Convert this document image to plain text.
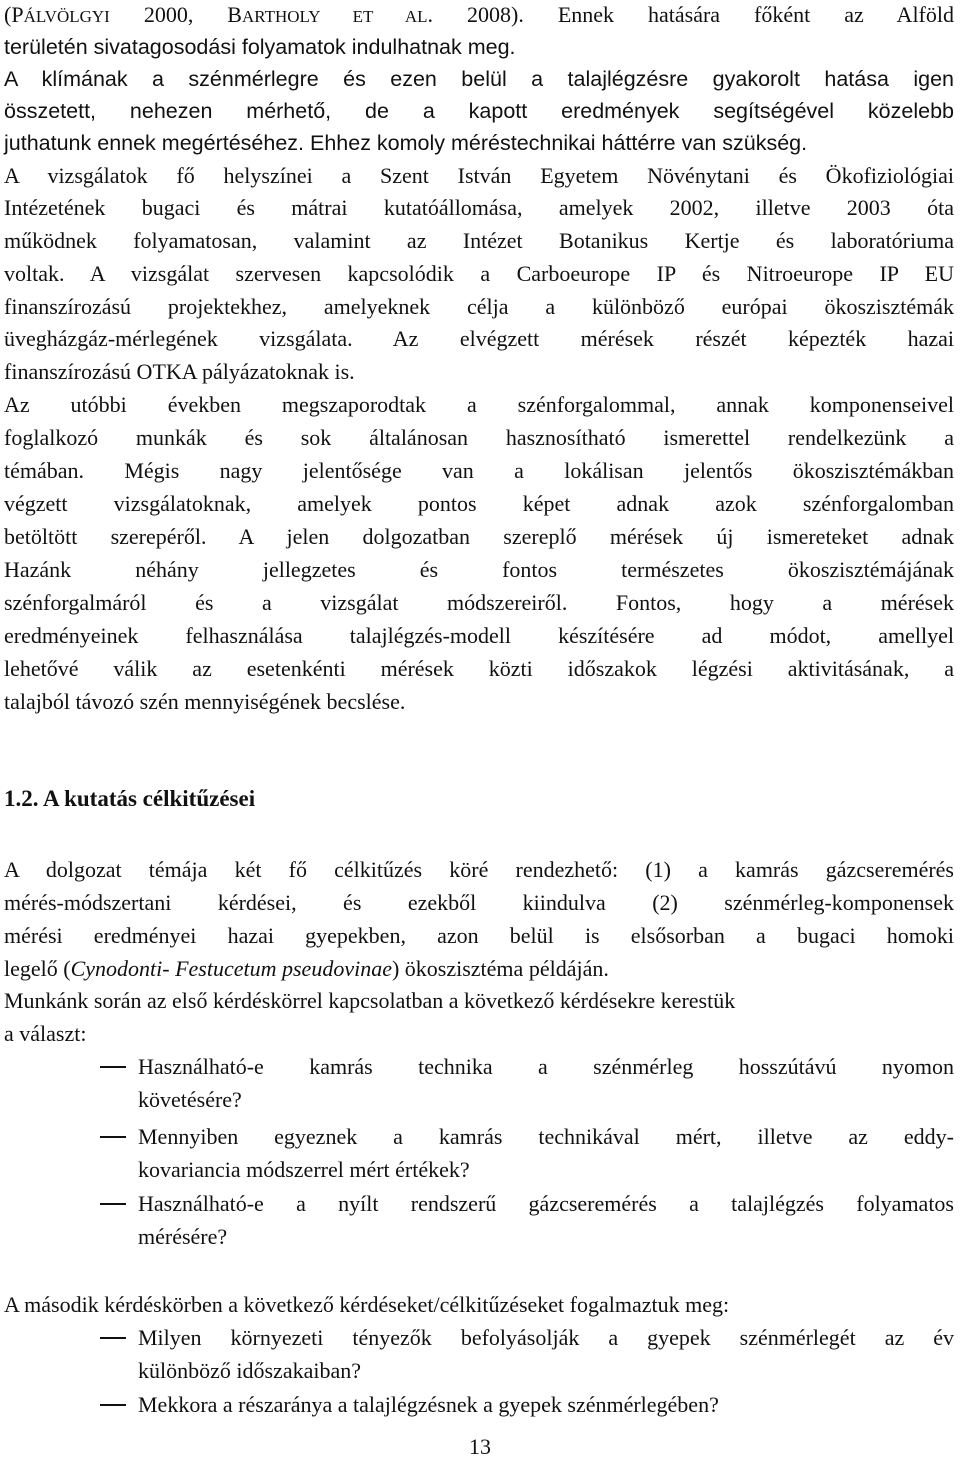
(PÁLVÖLGYI 2000, BARTHOLY ET AL. 2008). Ennek hatására főként az Alföld
területén sivatagosodási folyamatok indulhatnak meg.
A klímának a szénmérlegre és ezen belül a talajlégzésre gyakorolt hatása igen
összetett, nehezen mérhető, de a kapott eredmények segítségével közelebb
juthatunk ennek megértéséhez. Ehhez komoly méréstechnikai háttérre van szükség.
A vizsgálatok fő helyszínei a Szent István Egyetem Növénytani és Ökofiziológiai
Intézetének bugaci és mátrai kutatóállomása, amelyek 2002, illetve 2003 óta
működnek folyamatosan, valamint az Intézet Botanikus Kertje és laboratóriuma
voltak. A vizsgálat szervesen kapcsolódik a Carboeurope IP és Nitroeurope IP EU
finanszírozású projektekhez, amelyeknek célja a különböző európai ökoszisztémák
üvegházgáz-mérlegének vizsgálata. Az elvégzett mérések részét képezték hazai
finanszírozású OTKA pályázatoknak is.
Az utóbbi években megszaporodtak a szénforgalommal, annak komponenseivel
foglalkozó munkák és sok általánosan hasznosítható ismerettel rendelkezünk a
témában. Mégis nagy jelentősége van a lokálisan jelentős ökoszisztémákban
végzett vizsgálatoknak, amelyek pontos képet adnak azok szénforgalomban
betöltött szerepéről. A jelen dolgozatban szereplő mérések új ismereteket adnak
Hazánk néhány jellegzetes és fontos természetes ökoszisztémájának
szénforgalmáról és a vizsgálat módszereiről. Fontos, hogy a mérések
eredményeinek felhasználása talajlégzés-modell készítésére ad módot, amellyel
lehetővé válik az esetenkénti mérések közti időszakok légzési aktivitásának, a
talajból távozó szén mennyiségének becslése.
1.2. A kutatás célkitűzései
A dolgozat témája két fő célkitűzés köré rendezhető: (1) a kamrás gázcseremérés
mérés-módszertani kérdései, és ezekből kiindulva (2) szénmérleg-komponensek
mérési eredményei hazai gyepekben, azon belül is elsősorban a bugaci homoki
legelő (Cynodonti- Festucetum pseudovinae) ökoszisztéma példáján.
Munkánk során az első kérdéskörrel kapcsolatban a következő kérdésekre kerestük
a választ:
Használható-e kamrás technika a szénmérleg hosszútávú nyomon
követésére?
Mennyiben egyeznek a kamrás technikával mért, illetve az eddy-
kovariancia módszerrel mért értékek?
Használható-e a nyílt rendszerű gázcseremérés a talajlégzés folyamatos
mérésére?
A második kérdéskörben a következő kérdéseket/célkitűzéseket fogalmaztuk meg:
Milyen környezeti tényezők befolyásolják a gyepek szénmérlegét az év
különböző időszakaiban?
Mekkora a részaránya a talajlégzésnek a gyepek szénmérlegében?
13
